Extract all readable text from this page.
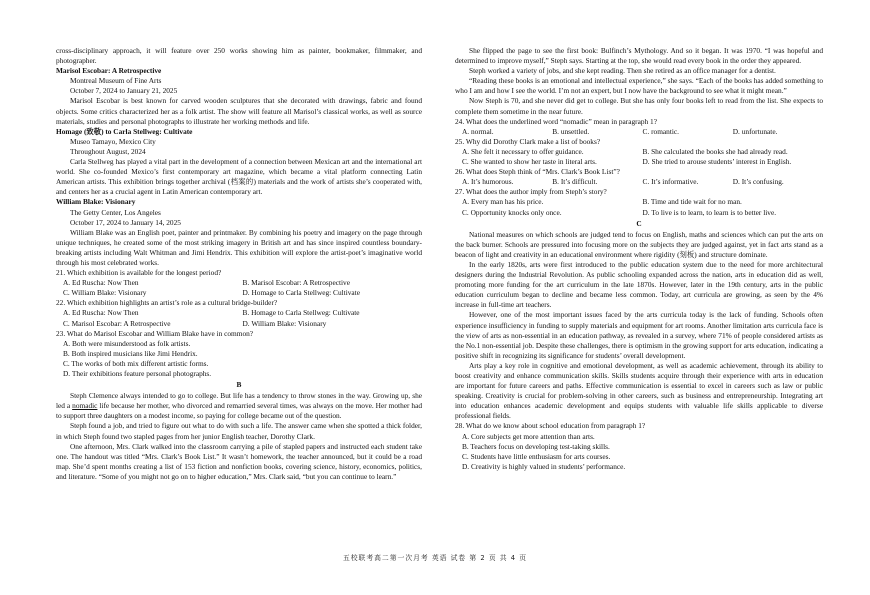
cross-disciplinary approach, it will feature over 250 works showing him as painter, bookmaker, filmmaker, and photographer.

Marisol Escobar: A Retrospective

Montreal Museum of Fine Arts

October 7, 2024 to January 21, 2025

Marisol Escobar is best known for carved wooden sculptures that she decorated with drawings, fabric and found objects. Some critics characterized her as a folk artist. The show will feature all Marisol’s classical works, as well as source materials, studies and personal photographs to illustrate her working methods and life.

Homage (致敬) to Carla Stellweg: Cultivate

Museo Tamayo, Mexico City

Throughout August, 2024

Carla Stellweg has played a vital part in the development of a connection between Mexican art and the international art world. She co-founded Mexico’s first contemporary art magazine, which became a vital platform connecting Latin American artists. This exhibition brings together archival (档案的) materials and the work of artists she’s cooperated with, and centers her as a crucial agent in Latin American contemporary art.

William Blake: Visionary

The Getty Center, Los Angeles

October 17, 2024 to January 14, 2025

William Blake was an English poet, painter and printmaker. By combining his poetry and imagery on the page through unique techniques, he created some of the most striking imagery in British art and has since inspired countless boundary-breaking artists including Walt Whitman and Jimi Hendrix. This exhibition will explore the artist-poet’s imaginative world through his most celebrated works.

21. Which exhibition is available for the longest period?

A. Ed Ruscha: Now Then	B. Marisol Escobar: A Retrospective
C. William Blake: Visionary	D. Homage to Carla Stellweg: Cultivate

22. Which exhibition highlights an artist’s role as a cultural bridge-builder?

A. Ed Ruscha: Now Then	B. Homage to Carla Stellweg: Cultivate
C. Marisol Escobar: A Retrospective	D. William Blake: Visionary

23. What do Marisol Escobar and William Blake have in common?

A. Both were misunderstood as folk artists.

B. Both inspired musicians like Jimi Hendrix.

C. The works of both mix different artistic forms.

D. Their exhibitions feature personal photographs.

B

Steph Clemence always intended to go to college. But life has a tendency to throw stones in the way. Growing up, she led a nomadic life because her mother, who divorced and remarried several times, was always on the move. Her mother had to support three daughters on a modest income, so paying for college became out of the question.

Steph found a job, and tried to figure out what to do with such a life. The answer came when she spotted a thick folder, in which Steph found two stapled pages from her junior English teacher, Dorothy Clark.

One afternoon, Mrs. Clark walked into the classroom carrying a pile of stapled papers and instructed each student take one. The handout was titled “Mrs. Clark’s Book List.” It wasn’t homework, the teacher announced, but it could be a road map. She’d spent months creating a list of 153 fiction and nonfiction books, covering science, history, economics, politics, and literature. “Some of you might not go on to higher education,” Mrs. Clark said, “but you can continue to learn.”

She flipped the page to see the first book: Bulfinch’s Mythology. And so it began. It was 1970. “I was hopeful and determined to improve myself,” Steph says. Starting at the top, she would read every book in the order they appeared.

Steph worked a variety of jobs, and she kept reading. Then she retired as an office manager for a dentist.

“Reading these books is an emotional and intellectual experience,” she says. “Each of the books has added something to who I am and how I see the world. I’m not an expert, but I now have the background to see what it might mean.”

Now Steph is 70, and she never did get to college. But she has only four books left to read from the list. She expects to complete them sometime in the near future.

24. What does the underlined word “nomadic” mean in paragraph 1?

A. normal.	B. unsettled.	C. romantic.	D. unfortunate.

25. Why did Dorothy Clark make a list of books?

A. She felt it necessary to offer guidance.	B. She calculated the books she had already read.
C. She wanted to show her taste in literal arts.	D. She tried to arouse students’ interest in English.

26. What does Steph think of “Mrs. Clark’s Book List”?

A. It’s humorous.	B. It’s difficult.	C. It’s informative.	D. It’s confusing.

27. What does the author imply from Steph’s story?

A. Every man has his price.	B. Time and tide wait for no man.
C. Opportunity knocks only once.	D. To live is to learn, to learn is to better live.

C

National measures on which schools are judged tend to focus on English, maths and sciences which can put the arts on the back burner. Schools are pressured into focusing more on the subjects they are judged against, yet in fact arts stand as a beacon of light and creativity in an educational environment where rigidity (刻板) and structure dominate.

In the early 1820s, arts were first introduced to the public education system due to the need for more architectural designers during the Industrial Revolution. As public schooling expanded across the nation, arts in education did as well, promoting more funding for the art curriculum in the late 1870s. However, later in the 19th century, arts in the public education curriculum began to decline and became less common. Today, art curricula are growing, as seen by the 4% increase in full-time art teachers.

However, one of the most important issues faced by the arts curricula today is the lack of funding. Schools often experience insufficiency in funding to supply materials and equipment for art rooms. Another limitation arts curricula face is the view of arts as non-essential in an education pathway, as revealed in a survey, where 71% of people considered artists as the No.1 non-essential job. Despite these challenges, there is optimism in the growing support for arts education, indicating a positive shift in recognizing its significance for students’ overall development.

Arts play a key role in cognitive and emotional development, as well as academic achievement, through its ability to boost creativity and enhance communication skills. Skills students acquire through their experience with arts in education are important for future careers and paths. Effective communication is essential to excel in careers such as law or public speaking. Creativity is crucial for problem-solving in other careers, such as business and entrepreneurship. Integrating art into education enhances academic development and equips students with valuable life skills applicable to diverse professional fields.

28. What do we know about school education from paragraph 1?

A. Core subjects get more attention than arts.

B. Teachers focus on developing test-taking skills.

C. Students have little enthusiasm for arts courses.

D. Creativity is highly valued in students’ performance.

五校联考高二第一次月考 英语 试卷 第 2 页 共 4 页
